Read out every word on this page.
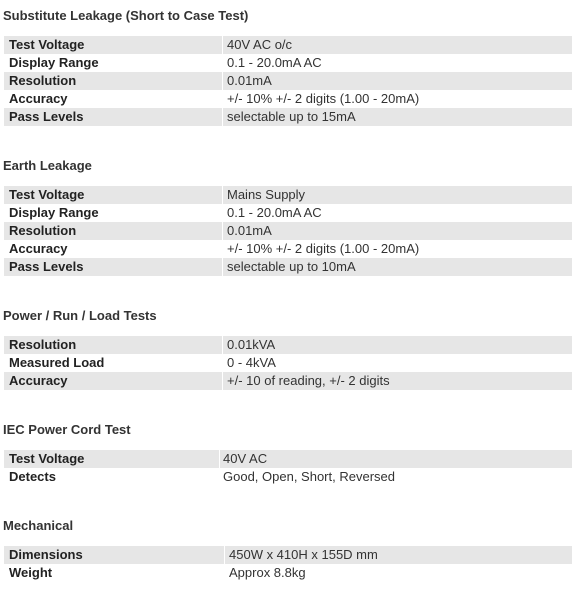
Substitute Leakage (Short to Case Test)
Test Voltage	40V AC o/c
Display Range	0.1 - 20.0mA AC
Resolution	0.01mA
Accuracy	+/- 10% +/- 2 digits (1.00 - 20mA)
Pass Levels	selectable up to 15mA
Earth Leakage
Test Voltage	Mains Supply
Display Range	0.1 - 20.0mA AC
Resolution	0.01mA
Accuracy	+/- 10% +/- 2 digits (1.00 - 20mA)
Pass Levels	selectable up to 10mA
Power / Run / Load Tests
Resolution	0.01kVA
Measured Load	0 - 4kVA
Accuracy	+/- 10 of reading, +/- 2 digits
IEC Power Cord Test
Test Voltage	40V AC
Detects	Good, Open, Short, Reversed
Mechanical
Dimensions	450W x 410H x 155D mm
Weight	Approx 8.8kg
